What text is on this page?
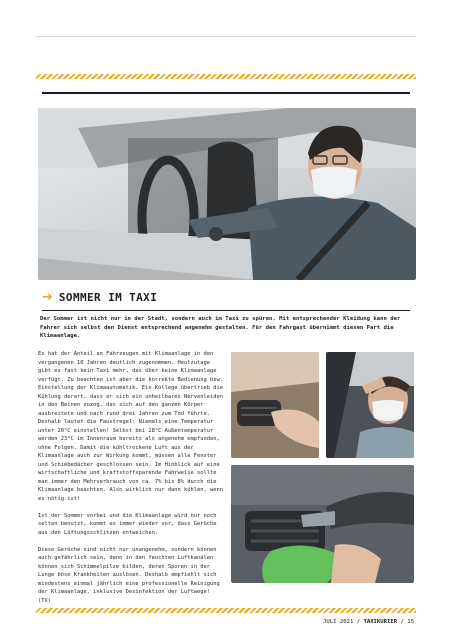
➔ SOMMER IM TAXI

Der Sommer ist nicht nur in der Stadt, sondern auch im Taxi zu spüren. Mit entsprechender Kleidung kann der Fahrer sich selbst den Dienst entsprechend angenehm gestalten. Für den Fahrgast übernimmt diesen Part die Klimaanlage.

Es hat der Anteil an Fahrzeugen mit Klimaanlage in den vergangenen 10 Jahren deutlich zugenommen. Heutzutage gibt es fast kein Taxi mehr, das über keine Klimaanlage verfügt. Zu beachten ist aber die korrekte Bedienung bzw. Einstellung der Klimaautomatik. Ein Kollege übertrieb die Kühlung derart, dass er sich ein unheilbares Nervenleiden in den Beinen zuzog, das sich auf den ganzen Körper ausbreitete und nach rund drei Jahren zum Tod führte. Deshalb lautet die Faustregel: Niemals eine Temperatur unter 20°C einstellen! Selbst bei 28°C Außentemperatur werden 23°C im Innenraum bereits als angenehm empfunden, ohne Folgen. Damit die kühltrockene Luft aus der Klimaanlage auch zur Wirkung kommt, müssen alle Fenster und Schiebedächer geschlossen sein. Im Hinblick auf eine wirtschaftliche und kraftstoffsparende Fahrweise sollte man immer den Mehrverbrauch von ca. 7% bis 8% durch die Klimaanlage beachten. Also wirklich nur dann kühlen, wenn es nötig ist!

Ist der Sommer vorbei und die Klimaanlage wird nur noch selten benutzt, kommt es immer wieder vor, dass Gerüche aus den Lüftungsschlitzen entweichen.

Diese Gerüche sind nicht nur unangenehm, sondern können auch gefährlich sein, denn in den feuchten Luftkanälen können sich Schimmelpilze bilden, deren Sporen in der Lunge böse Krankheiten auslösen. Deshalb empfiehlt sich mindestens einmal jährlich eine professionelle Reinigung der Klimaanlage, inklusive Desinfektion der Luftwege! (TX)

JULI 2021 / TAXIKURIER / 15
